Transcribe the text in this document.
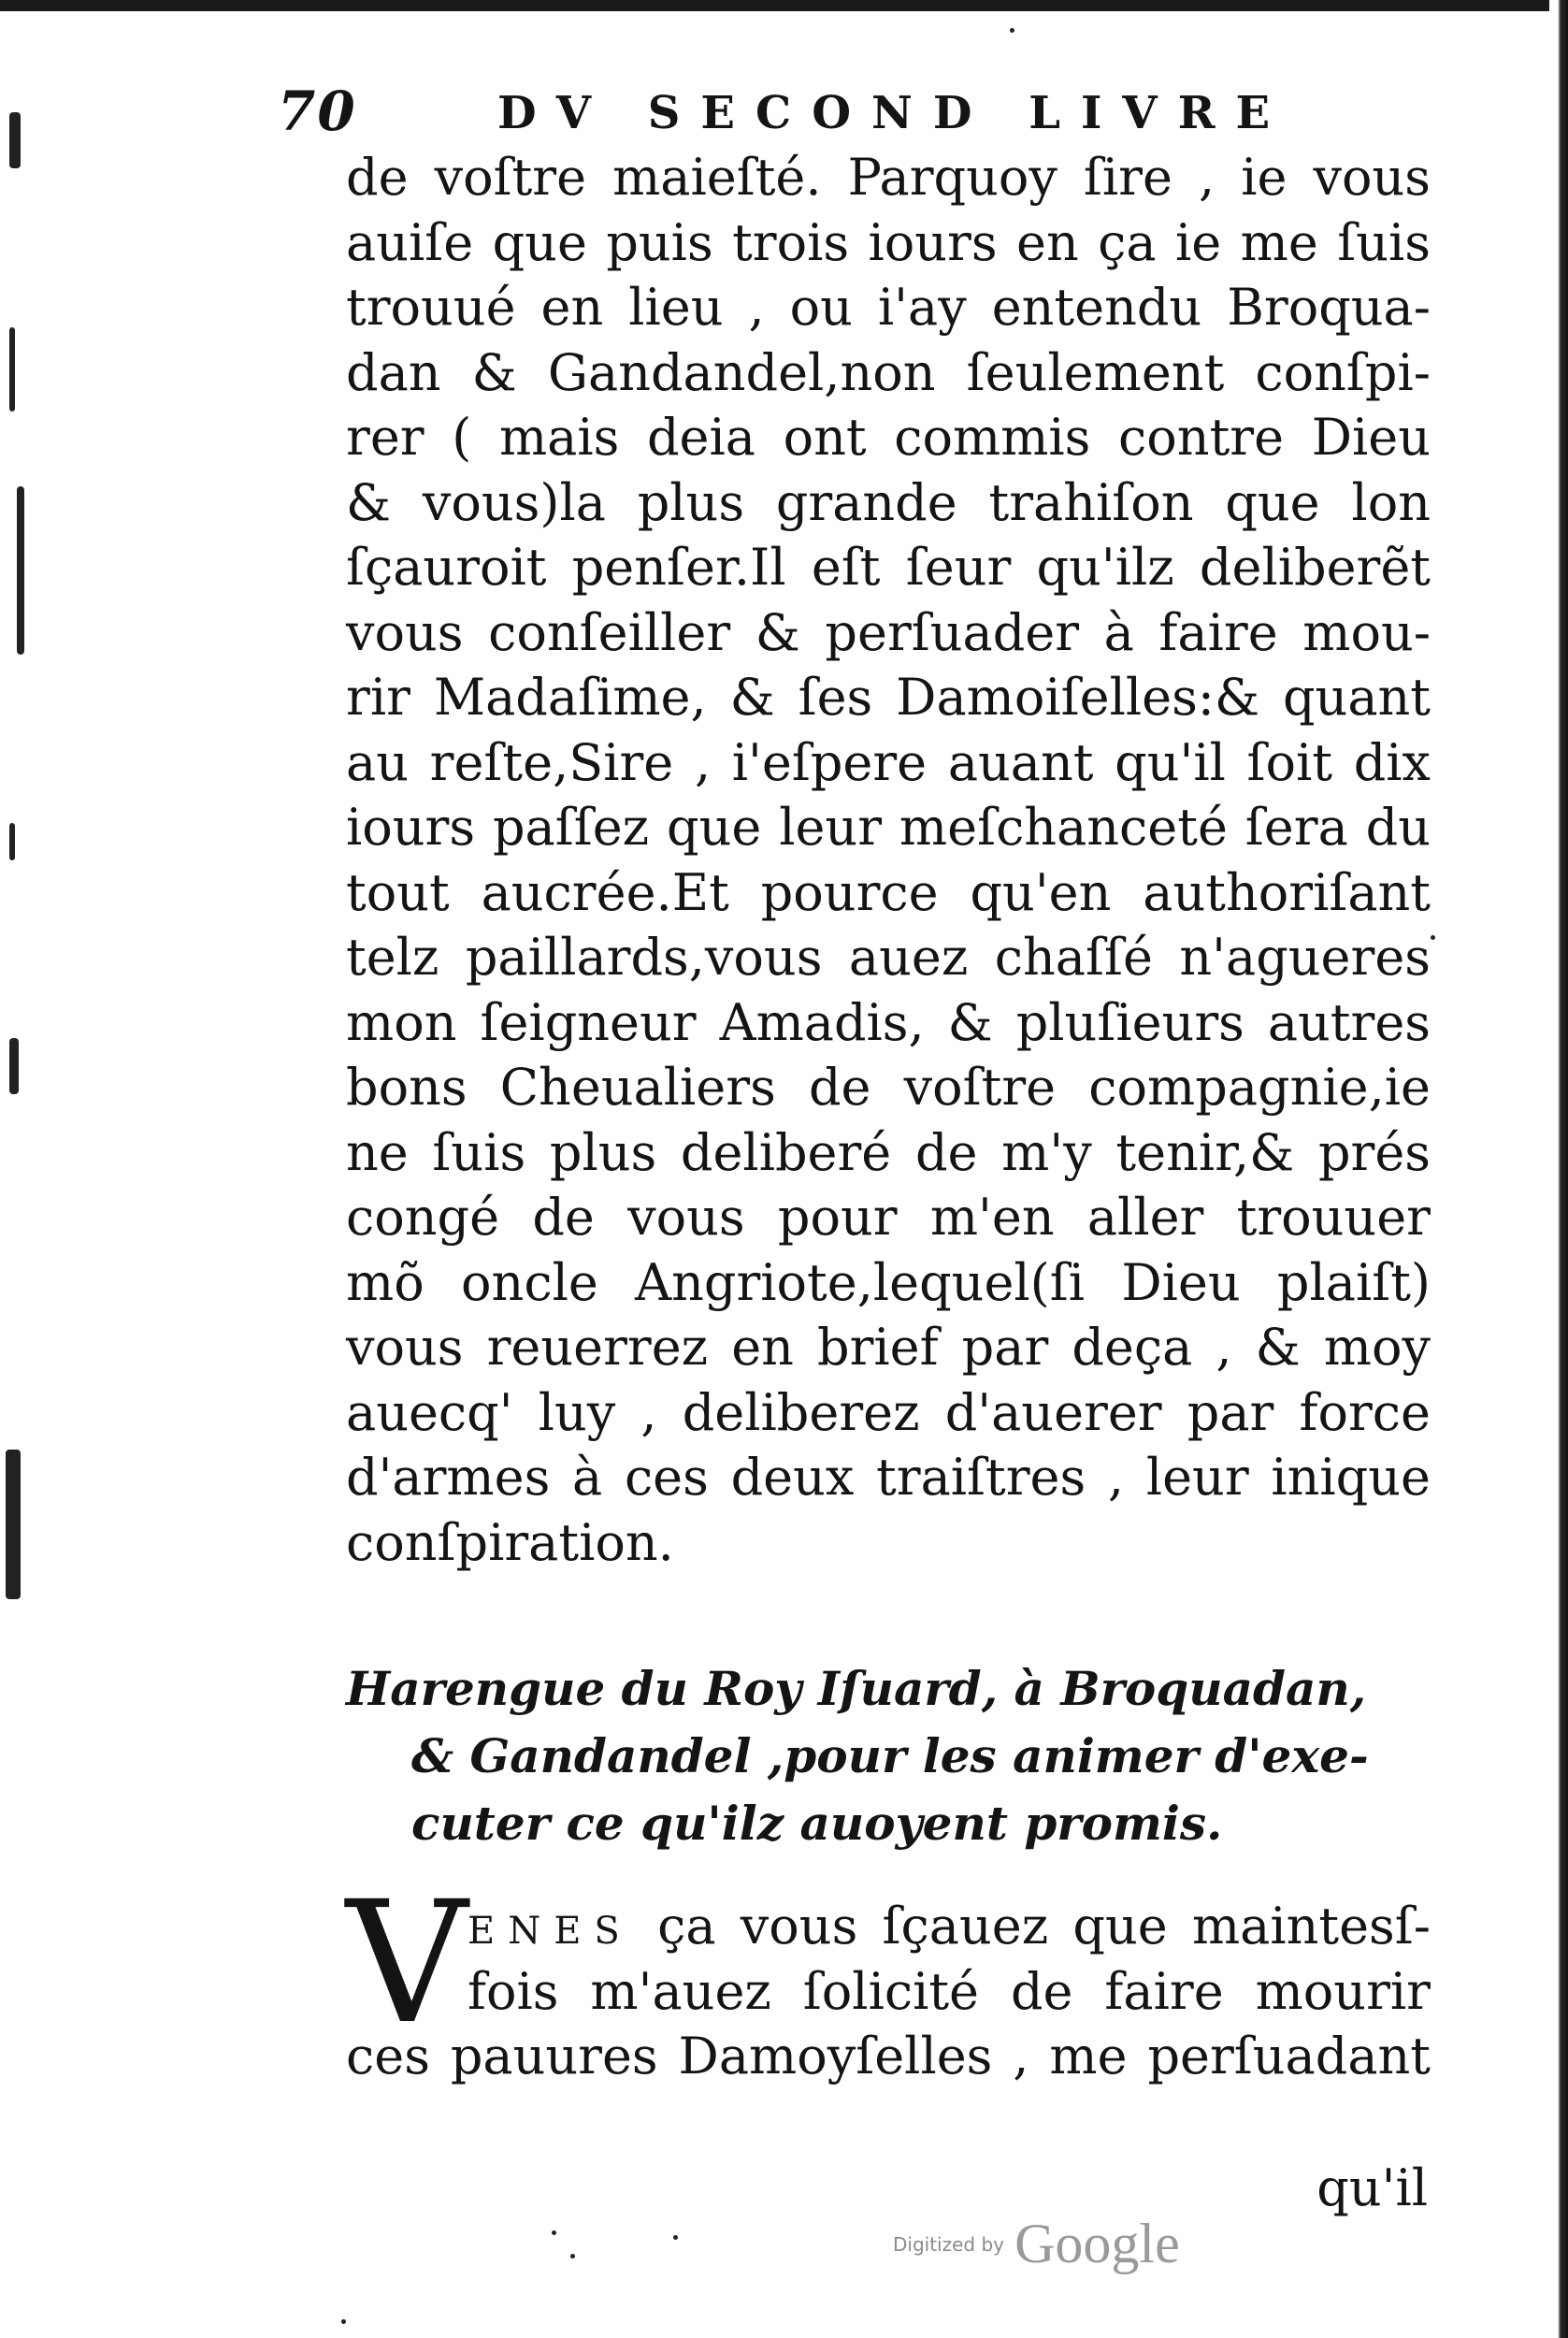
70	DV SECOND LIVRE
de voſtre maieſté. Parquoy ſire , ie vous
auiſe que puis trois iours en ça ie me ſuis
trouué en lieu , ou i'ay entendu Broqua-
dan & Gandandel,non ſeulement conſpi-
rer ( mais deia ont commis contre Dieu
& vous)la plus grande trahiſon que lon
ſçauroit penſer.Il eſt ſeur qu'ilz deliberẽt
vous conſeiller & perſuader à faire mou-
rir Madaſime, & ſes Damoiſelles:& quant
au reſte,Sire , i'eſpere auant qu'il ſoit dix
iours paſſez que leur meſchanceté ſera du
tout aucrée.Et pource qu'en authoriſant
telz paillards,vous auez chaſſé n'agueres
mon ſeigneur Amadis, & pluſieurs autres
bons Cheualiers de voſtre compagnie,ie
ne ſuis plus deliberé de m'y tenir,& prés
congé de vous pour m'en aller trouuer
mõ oncle Angriote,lequel(ſi Dieu plaiſt)
vous reuerrez en brief par deça , & moy
auecq' luy , deliberez d'auerer par force
d'armes à ces deux traiſtres , leur inique
conſpiration.
Harengue du Roy Iſuard, à Broquadan,
& Gandandel ,pour les animer d'exe-
cuter ce qu'ilz auoyent promis.
V ENES ça vous ſçauez que maintesſ-
fois m'auez ſolicité de faire mourir
ces pauures Damoyſelles , me perſuadant
qu'il
Digitized by Google
